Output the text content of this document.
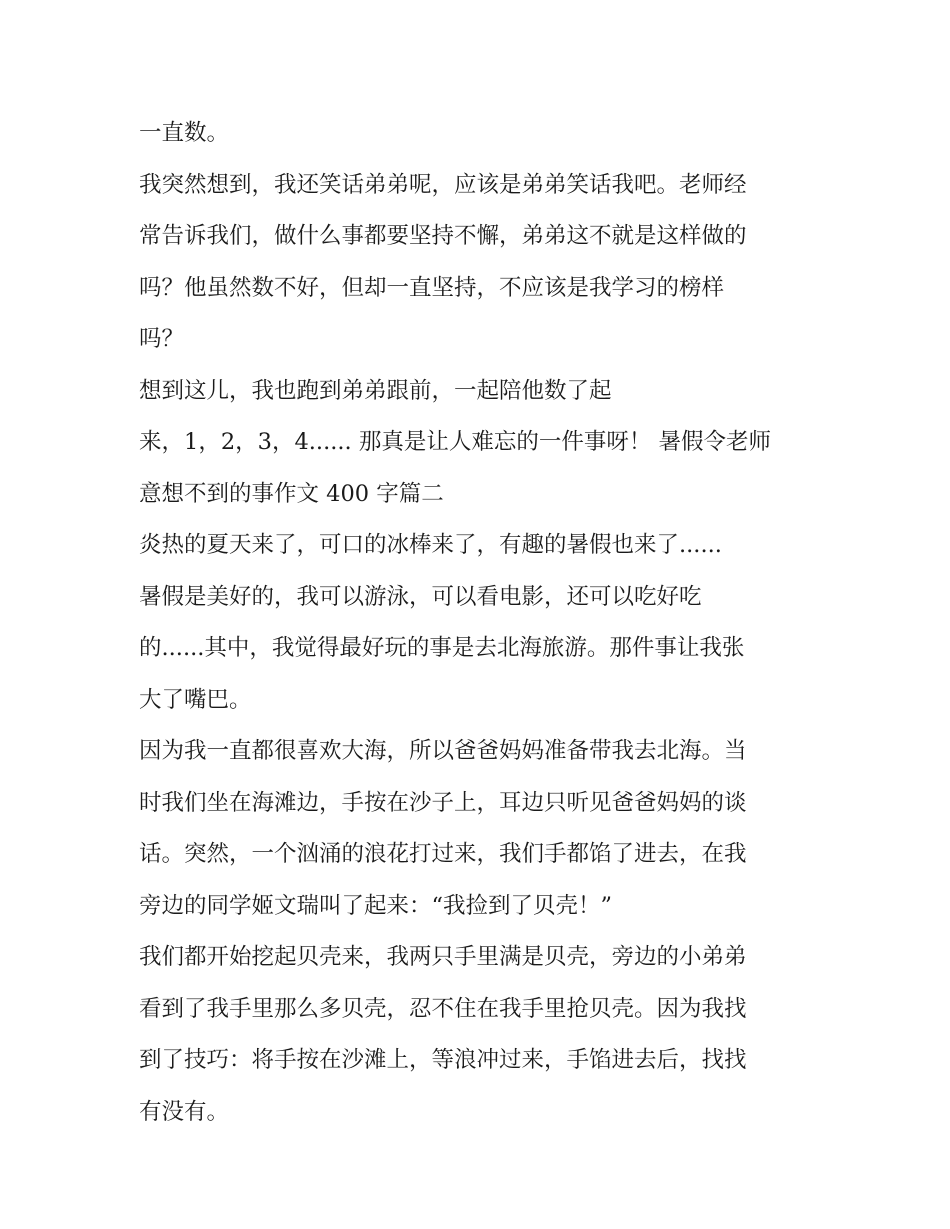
一直数。
我突然想到，我还笑话弟弟呢，应该是弟弟笑话我吧。老师经
常告诉我们，做什么事都要坚持不懈，弟弟这不就是这样做的
吗？他虽然数不好，但却一直坚持，不应该是我学习的榜样
吗？
想到这儿，我也跑到弟弟跟前，一起陪他数了起
来，1，2，3，4...... 那真是让人难忘的一件事呀！ 暑假令老师
意想不到的事作文 400 字篇二
炎热的夏天来了，可口的冰棒来了，有趣的暑假也来了......
暑假是美好的，我可以游泳，可以看电影，还可以吃好吃
的......其中，我觉得最好玩的事是去北海旅游。那件事让我张
大了嘴巴。
因为我一直都很喜欢大海，所以爸爸妈妈准备带我去北海。当
时我们坐在海滩边，手按在沙子上，耳边只听见爸爸妈妈的谈
话。突然，一个汹涌的浪花打过来，我们手都馅了进去，在我
旁边的同学姬文瑞叫了起来：“我捡到了贝壳！”
我们都开始挖起贝壳来，我两只手里满是贝壳，旁边的小弟弟
看到了我手里那么多贝壳，忍不住在我手里抢贝壳。因为我找
到了技巧：将手按在沙滩上，等浪冲过来，手馅进去后，找找
有没有。
